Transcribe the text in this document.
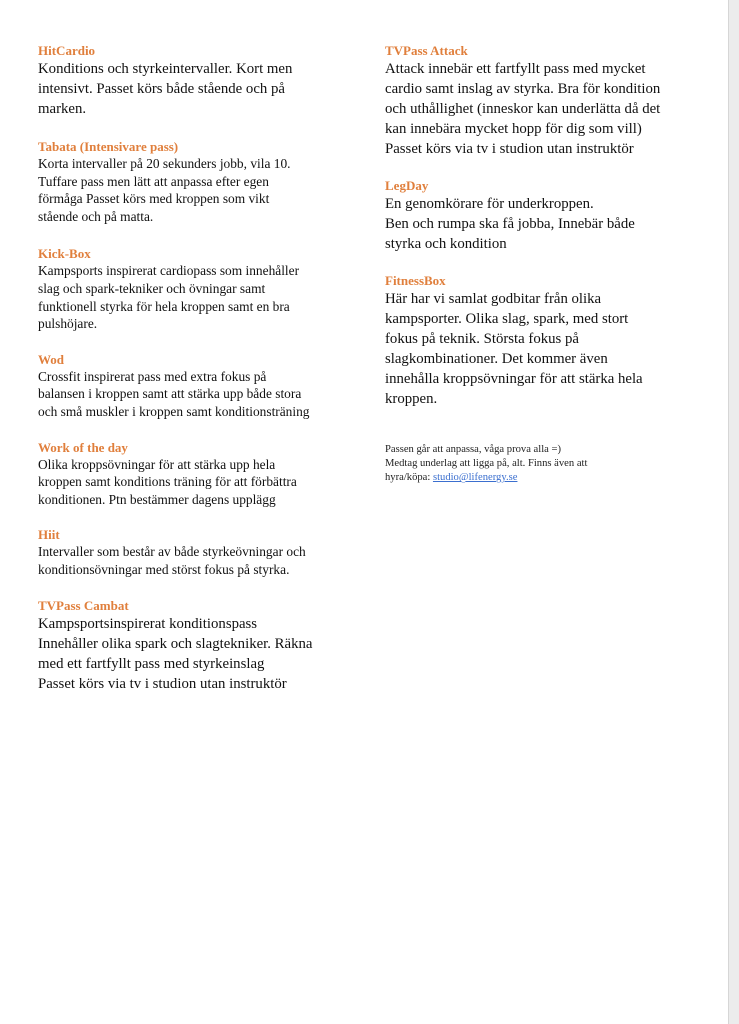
HitCardio

Konditions och styrkeintervaller. Kort men
intensivt. Passet körs både stående och på
marken.

Tabata (Intensivare pass)

Korta intervaller på 20 sekunders jobb, vila 10.
Tuffare pass men lätt att anpassa efter egen
förmåga Passet körs med kroppen som vikt
stående och på matta.

Kick-Box

Kampsports inspirerat cardiopass som innehåller
slag och spark-tekniker och övningar samt
funktionell styrka för hela kroppen samt en bra
pulshöjare.

Wod

Crossfit inspirerat pass med extra fokus på
balansen i kroppen samt att stärka upp både stora
och små muskler i kroppen samt konditionsträning

Work of the day

Olika kroppsövningar för att stärka upp hela
kroppen samt konditions träning för att förbättra
konditionen. Ptn bestämmer dagens upplägg

Hiit

Intervaller som består av både styrkeövningar och
konditionsövningar med störst fokus på styrka.

TVPass Cambat

Kampsportsinspirerat konditionspass
Innehåller olika spark och slagtekniker. Räkna
med ett fartfyllt pass med styrkeinslag
Passet körs via tv i studion utan instruktör

TVPass Attack

Attack innebär ett fartfyllt pass med mycket
cardio samt inslag av styrka. Bra för kondition
och uthållighet (inneskor kan underlätta då det
kan innebära mycket hopp för dig som vill)
Passet körs via tv i studion utan instruktör

LegDay

En genomkörare för underkroppen.
Ben och rumpa ska få jobba, Innebär både
styrka och kondition

FitnessBox

Här har vi samlat godbitar från olika
kampsporter. Olika slag, spark, med stort
fokus på teknik. Största fokus på
slagkombinationer. Det kommer även
innehålla kroppsövningar för att stärka hela
kroppen.

Passen går att anpassa, våga prova alla =)

Medtag underlag att ligga på, alt. Finns även att

hyra/köpa: studio@lifenergy.se
